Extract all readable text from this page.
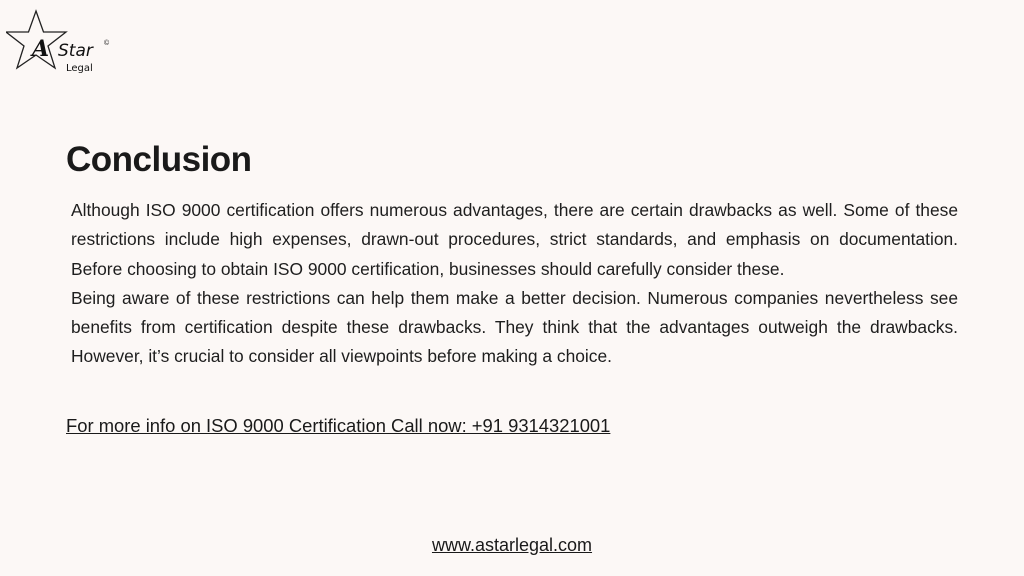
A Star
Legal
©
Conclusion

Although ISO 9000 certification offers numerous advantages, there are certain drawbacks as well. Some of these restrictions include high expenses, drawn-out procedures, strict standards, and emphasis on documentation. Before choosing to obtain ISO 9000 certification, businesses should carefully consider these.

Being aware of these restrictions can help them make a better decision. Numerous companies nevertheless see benefits from certification despite these drawbacks. They think that the advantages outweigh the drawbacks. However, it’s crucial to consider all viewpoints before making a choice.

For more info on ISO 9000 Certification Call now: +91 9314321001
www.astarlegal.com
